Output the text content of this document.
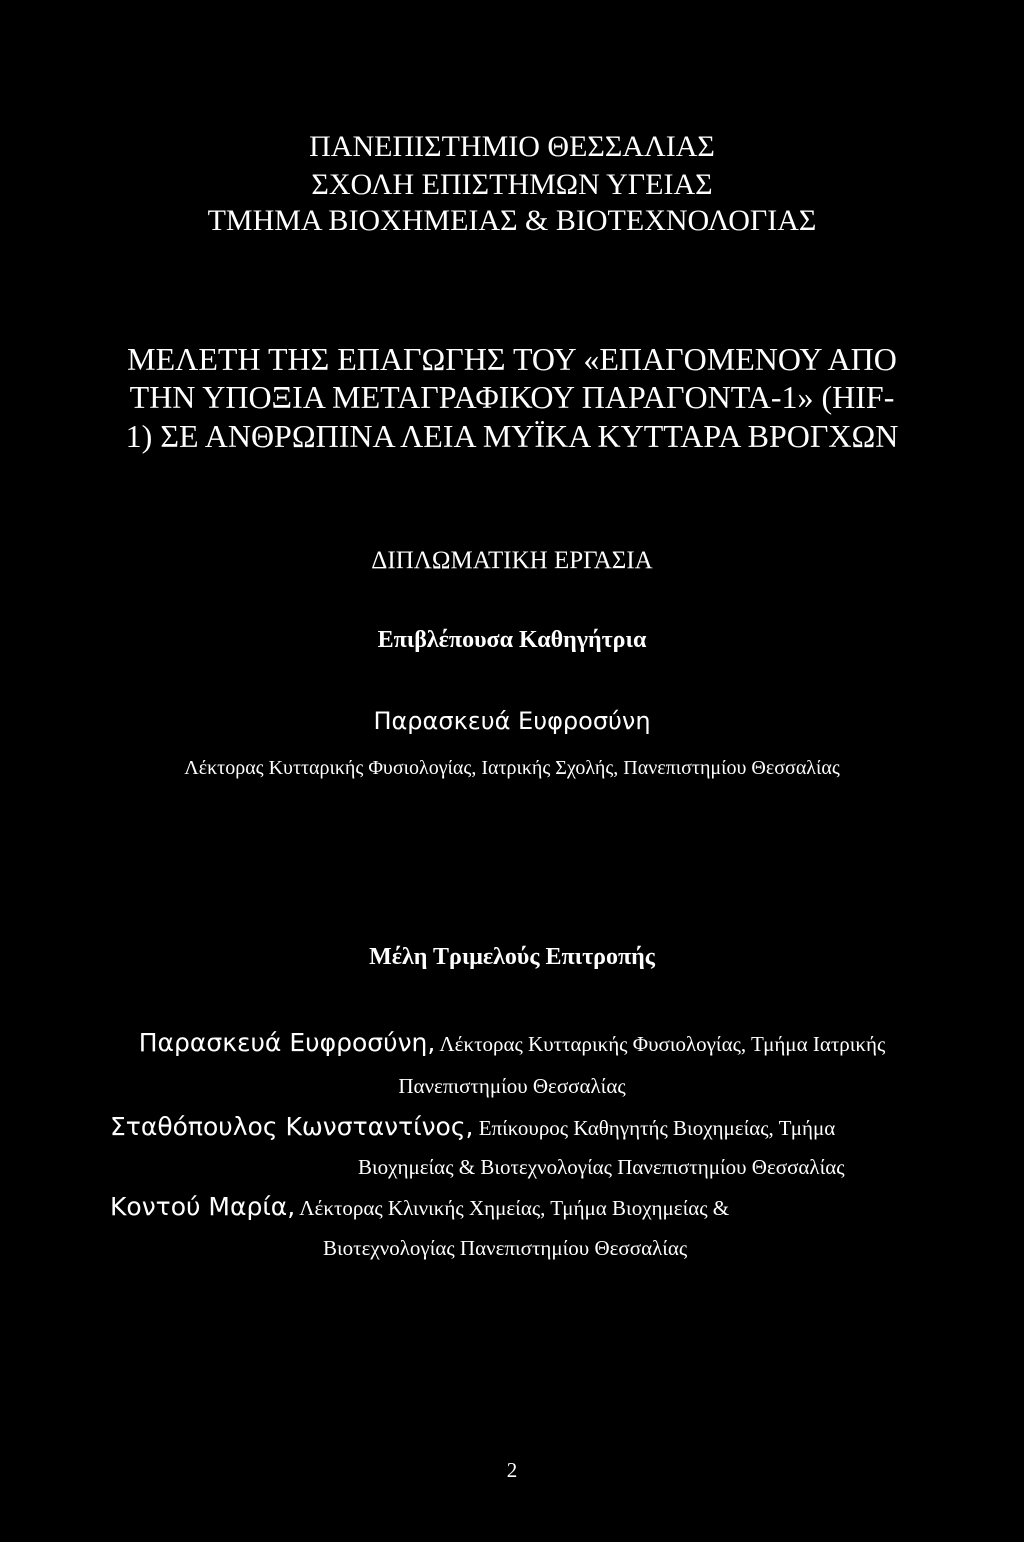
ΠΑΝΕΠΙΣΤΗΜΙΟ ΘΕΣΣΑΛΙΑΣ
ΣΧΟΛΗ ΕΠΙΣΤΗΜΩΝ ΥΓΕΙΑΣ
ΤΜΗΜΑ ΒΙΟΧΗΜΕΙΑΣ & ΒΙΟΤΕΧΝΟΛΟΓΙΑΣ
ΜΕΛΕΤΗ ΤΗΣ ΕΠΑΓΩΓΗΣ ΤΟΥ «ΕΠΑΓΟΜΕΝΟΥ ΑΠΟ
ΤΗΝ ΥΠΟΞΙΑ ΜΕΤΑΓΡΑΦΙΚΟΥ ΠΑΡΑΓΟΝΤΑ-1» (HIF-
1) ΣΕ ΑΝΘΡΩΠΙΝΑ ΛΕΙΑ ΜΥΪΚΑ ΚΥΤΤΑΡΑ ΒΡΟΓΧΩΝ
ΔΙΠΛΩΜΑΤΙΚΗ ΕΡΓΑΣΙΑ
Επιβλέπουσα Καθηγήτρια
Παρασκευά Ευφροσύνη
Λέκτορας Κυτταρικής Φυσιολογίας, Ιατρικής Σχολής, Πανεπιστημίου Θεσσαλίας
Μέλη Τριμελούς Επιτροπής
Παρασκευά Ευφροσύνη, Λέκτορας Κυτταρικής Φυσιολογίας, Τμήμα Ιατρικής
Πανεπιστημίου Θεσσαλίας
Σταθόπουλος Κωνσταντίνος, Επίκουρος Καθηγητής Βιοχημείας, Τμήμα
Βιοχημείας & Βιοτεχνολογίας Πανεπιστημίου Θεσσαλίας
Κοντού Μαρία, Λέκτορας Κλινικής Χημείας, Τμήμα Βιοχημείας &
Βιοτεχνολογίας Πανεπιστημίου Θεσσαλίας
2
